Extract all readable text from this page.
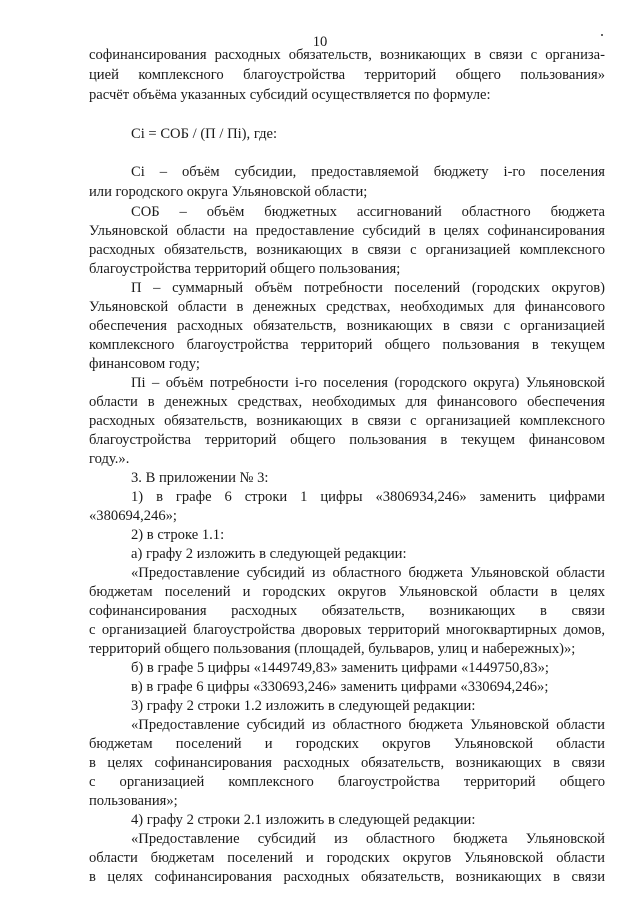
10
софинансирования расходных обязательств, возникающих в связи с организа-
цией комплексного благоустройства территорий общего пользования»
расчёт объёма указанных субсидий осуществляется по формуле:
Сi = СОБ / (П / Пi), где:
Сi – объём субсидии, предоставляемой бюджету i-го поселения
или городского округа Ульяновской области;
СОБ – объём бюджетных ассигнований областного бюджета
Ульяновской области на предоставление субсидий в целях софинансирования
расходных обязательств, возникающих в связи с организацией комплексного
благоустройства территорий общего пользования;
П – суммарный объём потребности поселений (городских округов)
Ульяновской области в денежных средствах, необходимых для финансового
обеспечения расходных обязательств, возникающих в связи с организацией
комплексного благоустройства территорий общего пользования в текущем
финансовом году;
Пi – объём потребности i-го поселения (городского округа) Ульяновской
области в денежных средствах, необходимых для финансового обеспечения
расходных обязательств, возникающих в связи с организацией комплексного
благоустройства территорий общего пользования в текущем финансовом
году.».
3. В приложении № 3:
1) в графе 6 строки 1 цифры «3806934,246» заменить цифрами
«380694,246»;
2) в строке 1.1:
а) графу 2 изложить в следующей редакции:
«Предоставление субсидий из областного бюджета Ульяновской области
бюджетам поселений и городских округов Ульяновской области в целях
софинансирования расходных обязательств, возникающих в связи
с организацией благоустройства дворовых территорий многоквартирных домов,
территорий общего пользования (площадей, бульваров, улиц и набережных)»;
б) в графе 5 цифры «1449749,83» заменить цифрами «1449750,83»;
в) в графе 6 цифры «330693,246» заменить цифрами «330694,246»;
3) графу 2 строки 1.2 изложить в следующей редакции:
«Предоставление субсидий из областного бюджета Ульяновской области
бюджетам поселений и городских округов Ульяновской области
в целях софинансирования расходных обязательств, возникающих в связи
с организацией комплексного благоустройства территорий общего
пользования»;
4) графу 2 строки 2.1 изложить в следующей редакции:
«Предоставление субсидий из областного бюджета Ульяновской
области бюджетам поселений и городских округов Ульяновской области
в целях софинансирования расходных обязательств, возникающих в связи
